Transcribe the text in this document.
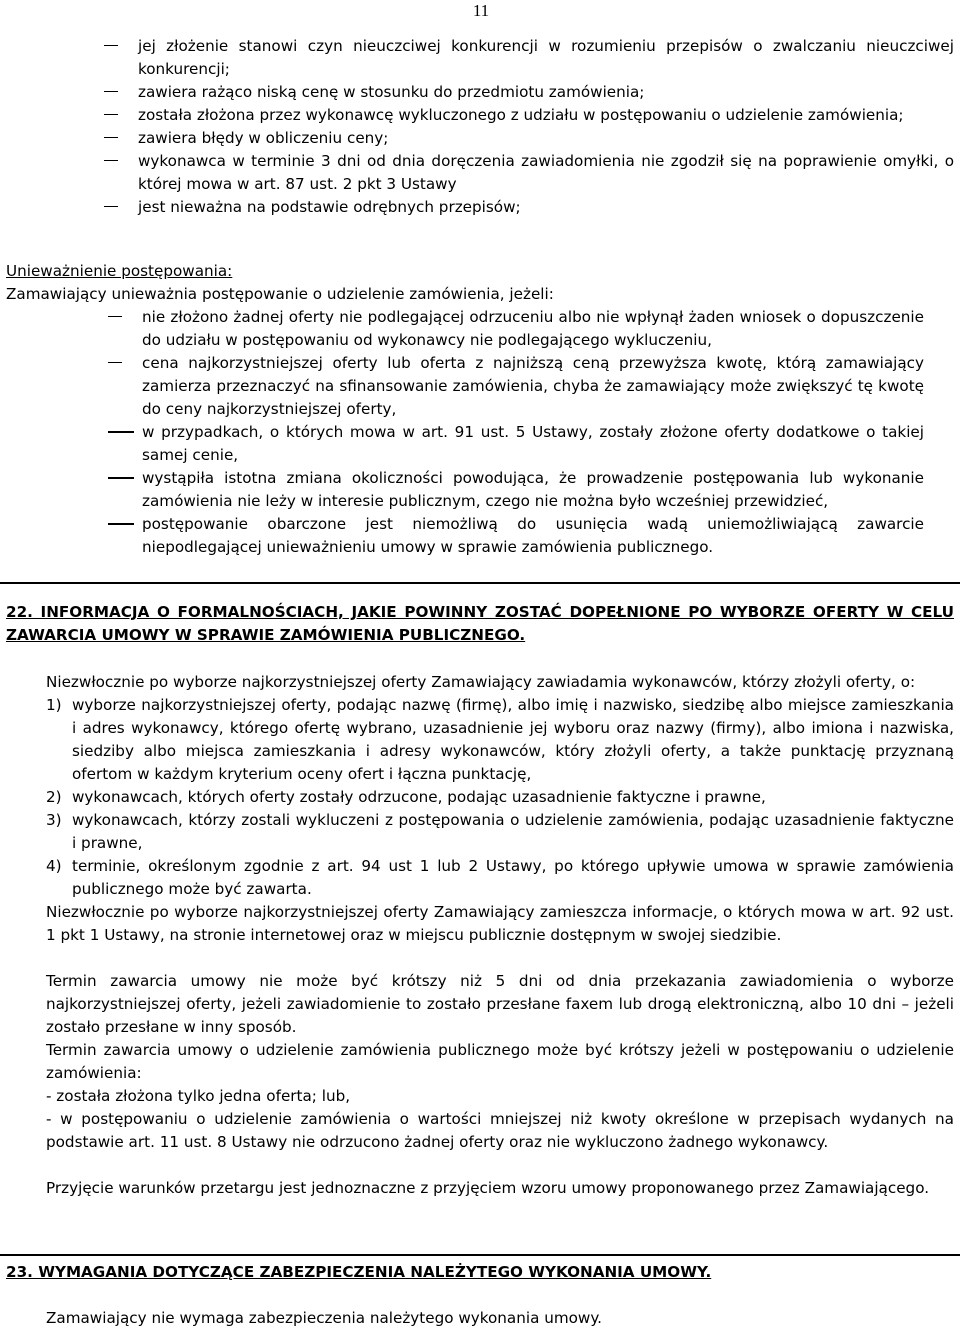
11
jej złożenie stanowi czyn nieuczciwej konkurencji w rozumieniu przepisów o zwalczaniu nieuczciwej konkurencji;
zawiera rażąco niską cenę w stosunku do przedmiotu zamówienia;
została złożona przez wykonawcę wykluczonego z udziału w postępowaniu o udzielenie zamówienia;
zawiera błędy w obliczeniu ceny;
wykonawca w terminie 3 dni od dnia doręczenia zawiadomienia nie zgodził się na poprawienie omyłki, o której mowa w art. 87 ust. 2 pkt 3 Ustawy
jest nieważna na podstawie odrębnych przepisów;
Unieważnienie postępowania:
Zamawiający unieważnia postępowanie o udzielenie zamówienia, jeżeli:
nie złożono żadnej oferty nie podlegającej odrzuceniu albo nie wpłynął żaden wniosek o dopuszczenie do udziału w postępowaniu od wykonawcy nie podlegającego wykluczeniu,
cena najkorzystniejszej oferty lub oferta z najniższą ceną przewyższa kwotę, którą zamawiający zamierza przeznaczyć na sfinansowanie zamówienia, chyba że zamawiający może zwiększyć tę kwotę do ceny najkorzystniejszej oferty,
w przypadkach, o których mowa w art. 91 ust. 5 Ustawy, zostały złożone oferty dodatkowe o takiej samej cenie,
wystąpiła istotna zmiana okoliczności powodująca, że prowadzenie postępowania lub wykonanie zamówienia nie leży w interesie publicznym, czego nie można było wcześniej przewidzieć,
postępowanie obarczone jest niemożliwą do usunięcia wadą uniemożliwiającą zawarcie niepodlegającej unieważnieniu umowy w sprawie zamówienia publicznego.
22. INFORMACJA O FORMALNOŚCIACH, JAKIE POWINNY ZOSTAĆ DOPEŁNIONE PO WYBORZE OFERTY W CELU ZAWARCIA UMOWY W SPRAWIE ZAMÓWIENIA PUBLICZNEGO.
Niezwłocznie po wyborze najkorzystniejszej oferty Zamawiający zawiadamia wykonawców, którzy złożyli oferty, o:
1) wyborze najkorzystniejszej oferty, podając nazwę (firmę), albo imię i nazwisko, siedzibę albo miejsce zamieszkania i adres wykonawcy, którego ofertę wybrano, uzasadnienie jej wyboru oraz nazwy (firmy), albo imiona i nazwiska, siedziby albo miejsca zamieszkania i adresy wykonawców, który złożyli oferty, a także punktację przyznaną ofertom w każdym kryterium oceny ofert i łączna punktację,
2) wykonawcach, których oferty zostały odrzucone, podając uzasadnienie faktyczne i prawne,
3) wykonawcach, którzy zostali wykluczeni z postępowania o udzielenie zamówienia, podając uzasadnienie faktyczne i prawne,
4) terminie, określonym zgodnie z art. 94 ust 1 lub 2 Ustawy, po którego upływie umowa w sprawie zamówienia publicznego może być zawarta.
Niezwłocznie po wyborze najkorzystniejszej oferty Zamawiający zamieszcza informacje, o których mowa w art. 92 ust. 1 pkt 1 Ustawy, na stronie internetowej oraz w miejscu publicznie dostępnym w swojej siedzibie.
Termin zawarcia umowy nie może być krótszy niż 5 dni od dnia przekazania zawiadomienia o wyborze najkorzystniejszej oferty, jeżeli zawiadomienie to zostało przesłane faxem lub drogą elektroniczną, albo 10 dni – jeżeli zostało przesłane w inny sposób.
Termin zawarcia umowy o udzielenie zamówienia publicznego może być krótszy jeżeli w postępowaniu o udzielenie zamówienia:
- została złożona tylko jedna oferta; lub,
- w postępowaniu o udzielenie zamówienia o wartości mniejszej niż kwoty określone w przepisach wydanych na podstawie art. 11 ust. 8 Ustawy nie odrzucono żadnej oferty oraz nie wykluczono żadnego wykonawcy.
Przyjęcie warunków przetargu jest jednoznaczne z przyjęciem wzoru umowy proponowanego przez Zamawiającego.
23. WYMAGANIA DOTYCZĄCE ZABEZPIECZENIA NALEŻYTEGO WYKONANIA UMOWY.
Zamawiający nie wymaga zabezpieczenia należytego wykonania umowy.
